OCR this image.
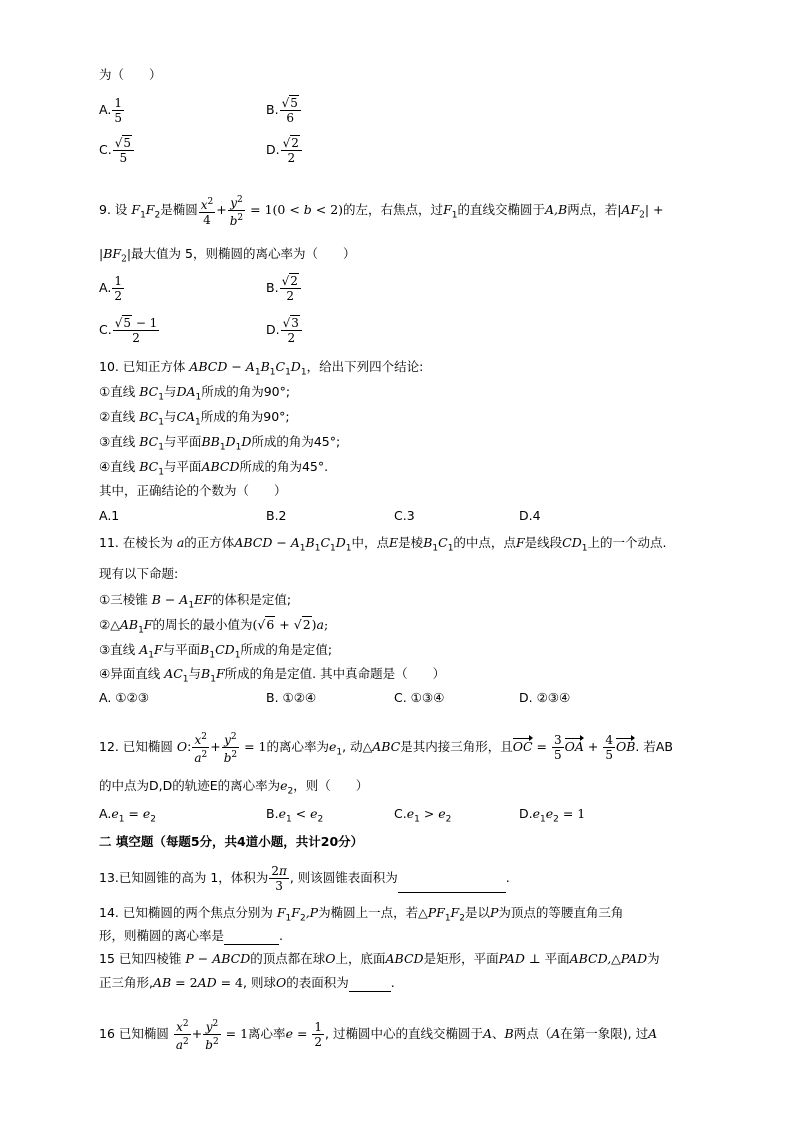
为（　　）
A. $\frac{1}{5}$	B. $\frac{√5}{6}$
C. $\frac{√5}{5}$	D. $\frac{√2}{2}$
9. 设 $F_1F_2$是椭圆 $\frac{x^2}{4} + \frac{y^2}{b^2} = 1(0 < b < 2)$的左，右焦点，过$F_1$的直线交椭圆于A,B两点，若$|AF_2|$ +
$|BF_2|$最大值为 5，则椭圆的离心率为（　　）
A. $\frac{1}{2}$	B. $\frac{√2}{2}$
C. $\frac{√5 - 1}{2}$	D. $\frac{√3}{2}$
10. 已知正方体 ABCD − $A_1B_1C_1D_1$，给出下列四个结论:
①直线 $BC_1$与$DA_1$所成的角为90°;
②直线 $BC_1$与$CA_1$所成的角为90°;
③直线 $BC_1$与平面$BB_1D_1D$所成的角为45°;
④直线 $BC_1$与平面ABCD所成的角为45°.
其中，正确结论的个数为（　　）
A.1	B.2	C.3	D.4
11. 在棱长为 a的正方体ABCD − $A_1B_1C_1D_1$中，点E是棱$B_1C_1$的中点，点F是线段$CD_1$上的一个动点.
现有以下命题:
①三棱锥 $B - A_1EF$的体积是定值;
$②\triangle AB_1F$的周长的最小值为(√6 + √2)a;
③直线 $A_1F$与平面$B_1CD_1$所成的角是定值;
④异面直线 $AC_1$与$B_1F$所成的角是定值. 其中真命题是（　　）
A. ①②③	B. ①②④	C. ①③④	D. ②③④
12. 已知椭圆 O: $\frac{x^2}{a^2} + \frac{y^2}{b^2} = 1$的离心率为$e_1$, 动△ABC是其内接三角形，且OC = $\frac{3}{5}$ OA + $\frac{4}{5}$ OB. 若AB
的中点为D,D的轨迹E的离心率为$e_2$，则（　　）
$A.e_1 = e_2$	$B.e_1 < e_2$	$C.e_1 > e_2$	$D.e_1e_2 = 1$
二 填空题（每题5分，共4道小题，共计20分）
13.已知圆锥的高为 1，体积为 $\frac{2\pi}{3}$ , 则该圆锥表面积为	.
14. 已知椭圆的两个焦点分别为 $F_1F_2,P$为椭圆上一点，若$\triangle PF_1F_2$是以P为顶点的等腰直角三角
形，则椭圆的离心率是	.
15 已知四棱锥 P − ABCD的顶点都在球O上，底面ABCD是矩形，平面PAD ⊥ 平面ABCD,△PAD为
正三角形,AB = 2AD = 4, 则球O的表面积为	.
16 已知椭圆 $\frac{x^2}{a^2} + \frac{y^2}{b^2} = 1$离心率$e = \frac{1}{2}$ , 过椭圆中心的直线交椭圆于A、B两点（A在第一象限), 过A
